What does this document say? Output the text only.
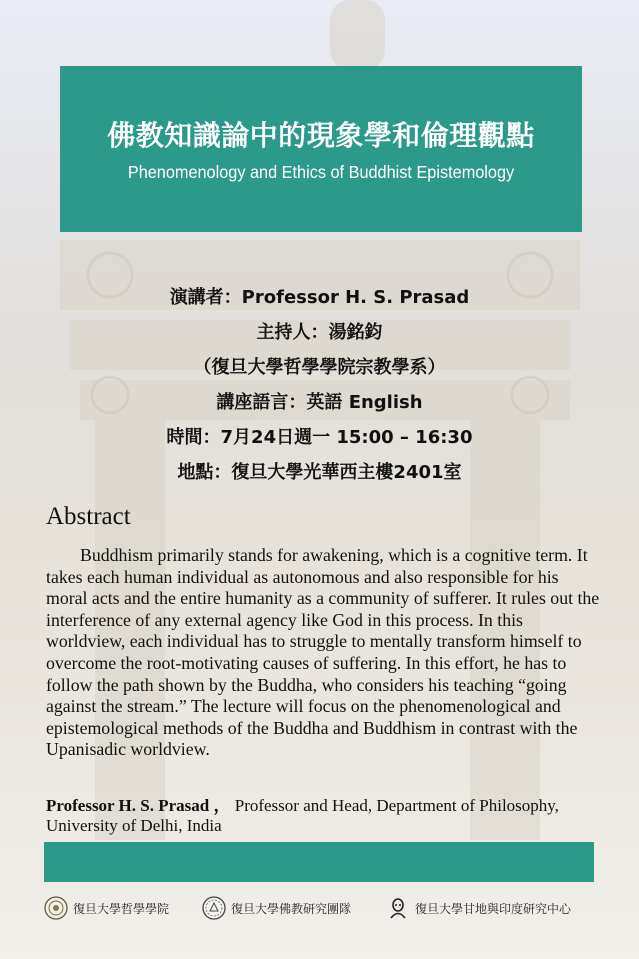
佛教知識論中的現象學和倫理觀點
Phenomenology and Ethics of Buddhist Epistemology
演講者：Professor H. S. Prasad
主持人：湯銘鈞
（復旦大學哲學學院宗教學系）
講座語言：英語 English
時間：7月24日週一 15:00 – 16:30
地點：復旦大學光華西主樓2401室
Abstract
Buddhism primarily stands for awakening, which is a cognitive term. It takes each human individual as autonomous and also responsible for his moral acts and the entire humanity as a community of sufferer. It rules out the interference of any external agency like God in this process. In this worldview, each individual has to struggle to mentally transform himself to overcome the root-motivating causes of suffering. In this effort, he has to follow the path shown by the Buddha, who considers his teaching “going against the stream.” The lecture will focus on the phenomenological and epistemological methods of the Buddha and Buddhism in contrast with the Upanisadic worldview.
Professor H. S. Prasad ， Professor and Head, Department of Philosophy, University of Delhi, India
復旦大學哲學學院	復旦大學佛教研究團隊	復旦大學甘地與印度研究中心
